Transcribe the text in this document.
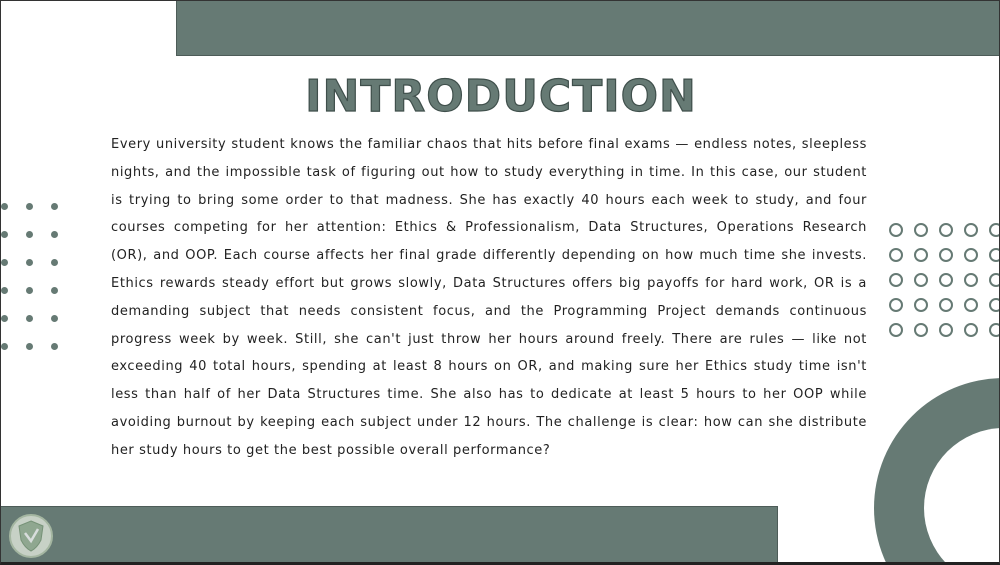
INTRODUCTION

Every university student knows the familiar chaos that hits before final exams — endless notes, sleepless nights, and the impossible task of figuring out how to study everything in time. In this case, our student is trying to bring some order to that madness. She has exactly 40 hours each week to study, and four courses competing for her attention: Ethics & Professionalism, Data Structures, Operations Research (OR), and OOP. Each course affects her final grade differently depending on how much time she invests. Ethics rewards steady effort but grows slowly, Data Structures offers big payoffs for hard work, OR is a demanding subject that needs consistent focus, and the Programming Project demands continuous progress week by week. Still, she can't just throw her hours around freely. There are rules — like not exceeding 40 total hours, spending at least 8 hours on OR, and making sure her Ethics study time isn't less than half of her Data Structures time. She also has to dedicate at least 5 hours to her OOP while avoiding burnout by keeping each subject under 12 hours. The challenge is clear: how can she distribute her study hours to get the best possible overall performance?
